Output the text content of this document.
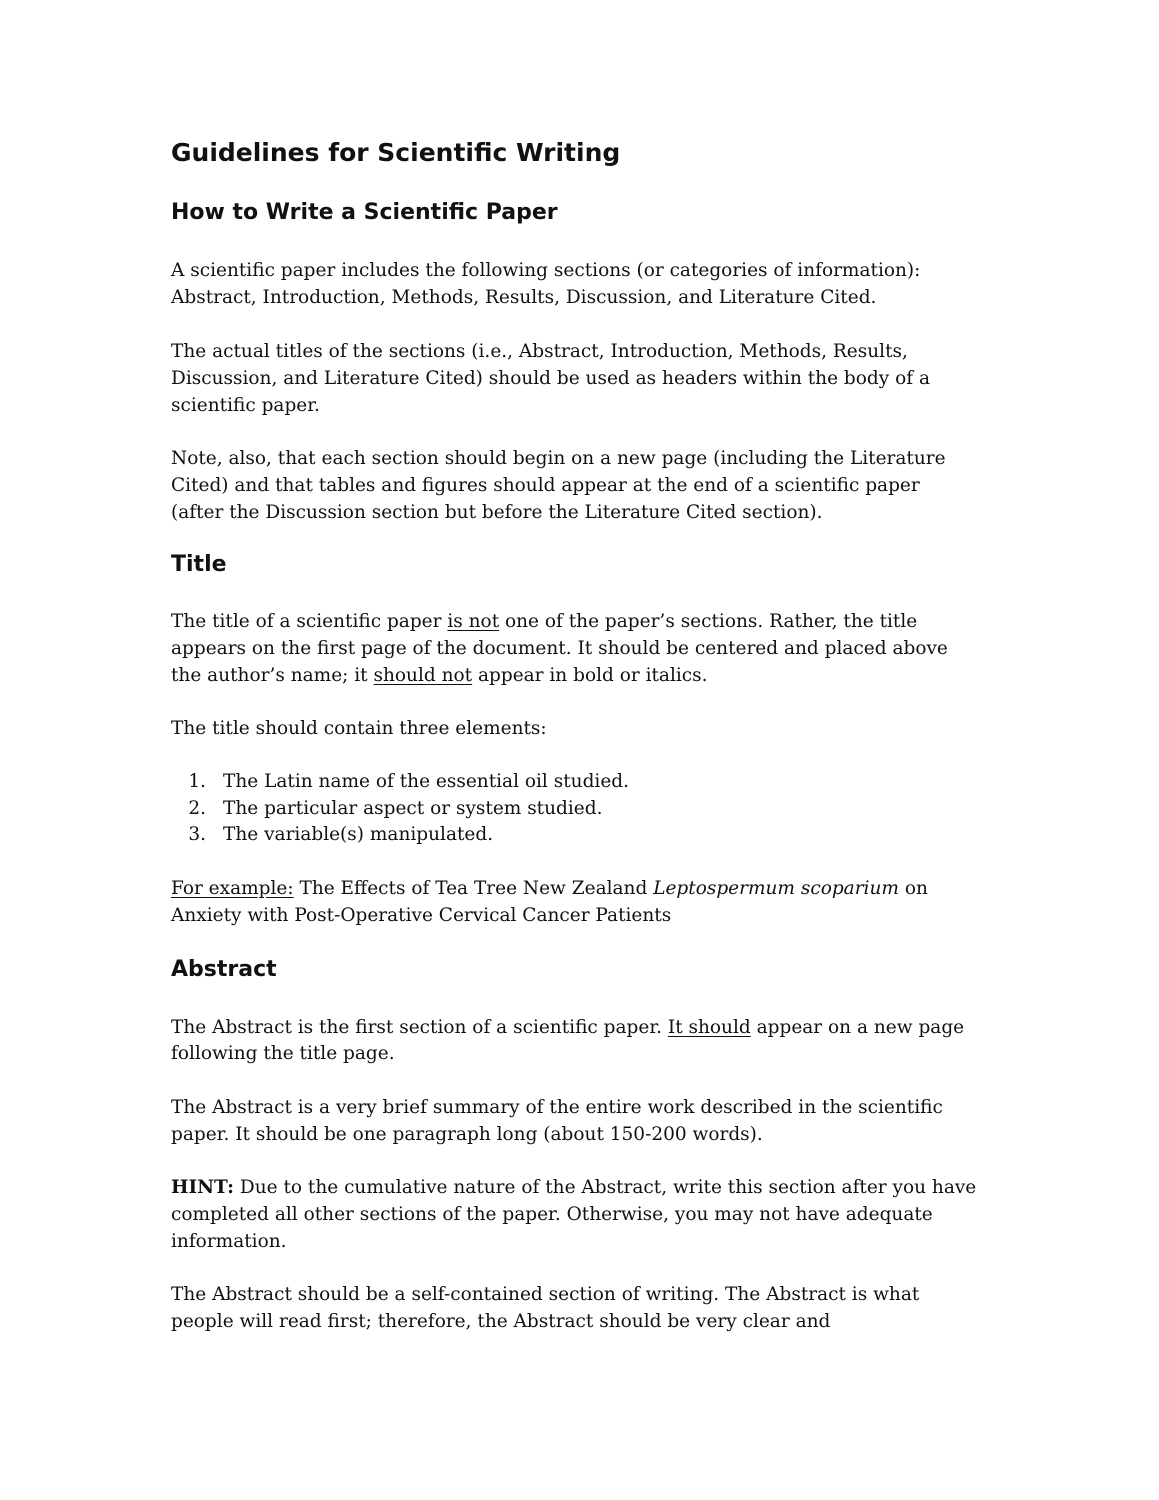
Guidelines for Scientific Writing
How to Write a Scientific Paper
A scientific paper includes the following sections (or categories of information):
Abstract, Introduction, Methods, Results, Discussion, and Literature Cited.
The actual titles of the sections (i.e., Abstract, Introduction, Methods, Results,
Discussion, and Literature Cited) should be used as headers within the body of a
scientific paper.
Note, also, that each section should begin on a new page (including the Literature
Cited) and that tables and figures should appear at the end of a scientific paper
(after the Discussion section but before the Literature Cited section).
Title
The title of a scientific paper is not one of the paper’s sections. Rather, the title
appears on the first page of the document. It should be centered and placed above
the author’s name; it should not appear in bold or italics.
The title should contain three elements:
1. The Latin name of the essential oil studied.
2. The particular aspect or system studied.
3. The variable(s) manipulated.
For example: The Effects of Tea Tree New Zealand Leptospermum scoparium on
Anxiety with Post-Operative Cervical Cancer Patients
Abstract
The Abstract is the first section of a scientific paper. It should appear on a new page
following the title page.
The Abstract is a very brief summary of the entire work described in the scientific
paper. It should be one paragraph long (about 150-200 words).
HINT: Due to the cumulative nature of the Abstract, write this section after you have
completed all other sections of the paper. Otherwise, you may not have adequate
information.
The Abstract should be a self-contained section of writing. The Abstract is what
people will read first; therefore, the Abstract should be very clear and
